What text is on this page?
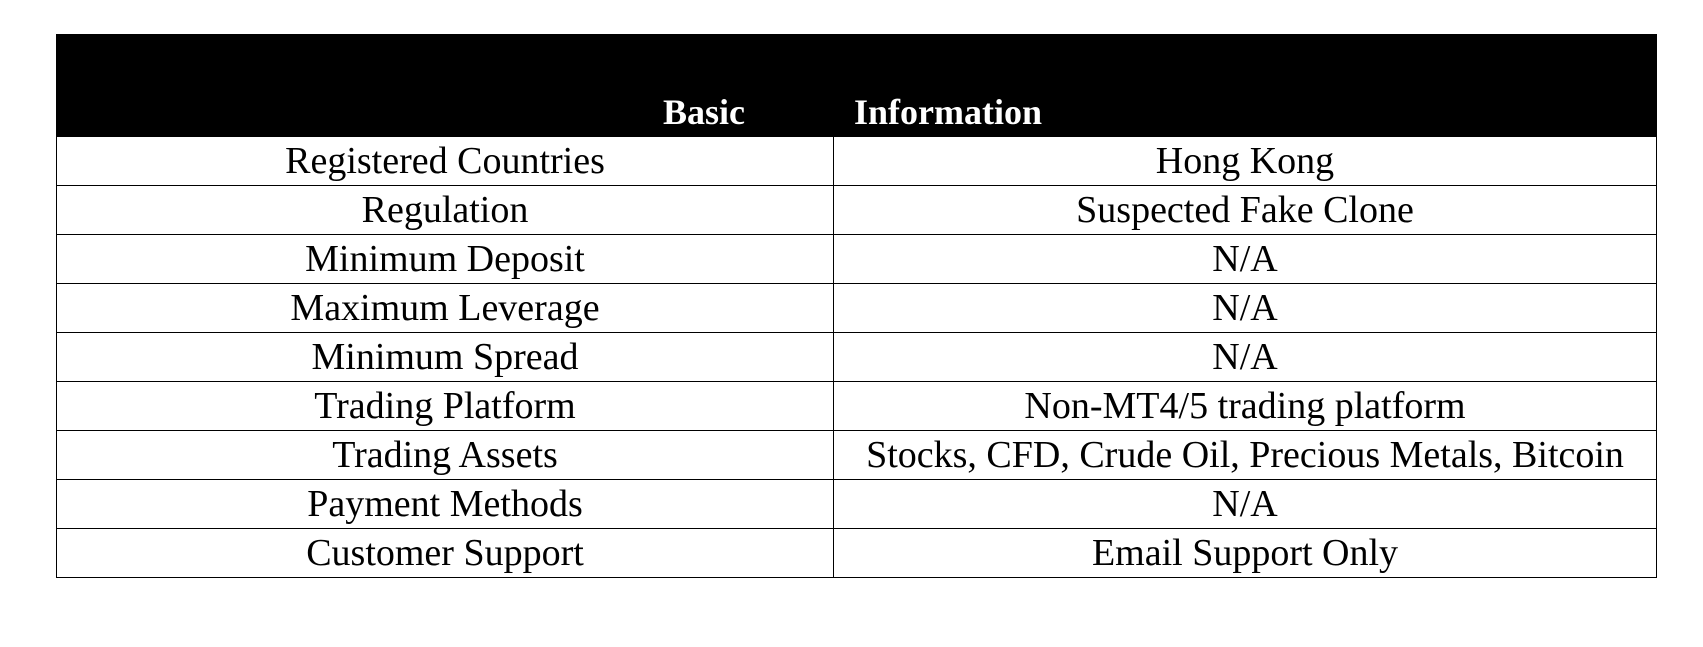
Basic	Information
Registered Countries	Hong Kong
Regulation	Suspected Fake Clone
Minimum Deposit	N/A
Maximum Leverage	N/A
Minimum Spread	N/A
Trading Platform	Non-MT4/5 trading platform
Trading Assets	Stocks, CFD, Crude Oil, Precious Metals, Bitcoin
Payment Methods	N/A
Customer Support	Email Support Only
